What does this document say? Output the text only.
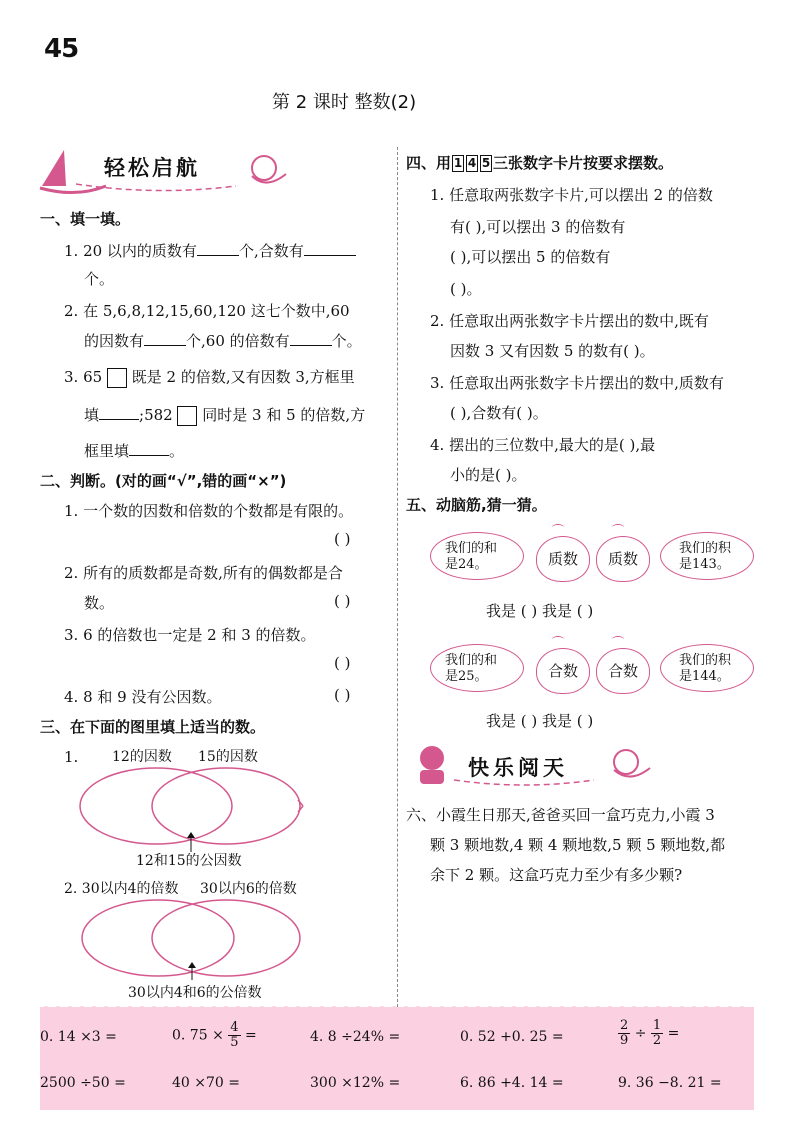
45
第 2 课时 整数(2)
轻松启航
一、填一填。
1. 20 以内的质数有	个,合数有
个。
2. 在 5,6,8,12,15,60,120 这七个数中,60
的因数有	个,60 的倍数有	个。
3. 65 既是 2 的倍数,又有因数 3,方框里
填	;582 同时是 3 和 5 的倍数,方
框里填	。
二、判断。(对的画“√”,错的画“×”)
1. 一个数的因数和倍数的个数都是有限的。
( )
2. 所有的质数都是奇数,所有的偶数都是合
数。	( )
3. 6 的倍数也一定是 2 和 3 的倍数。
( )
4. 8 和 9 没有公因数。	( )
三、在下面的图里填上适当的数。
1. 12的因数 15的因数
12和15的公因数
2. 30以内4的倍数 30以内6的倍数
30以内4和6的公倍数
四、用 1 4 5 三张数字卡片按要求摆数。
1. 任意取两张数字卡片,可以摆出 2 的倍数
有( ),可以摆出 3 的倍数有
( ),可以摆出 5 的倍数有
( )。
2. 任意取出两张数字卡片摆出的数中,既有
因数 3 又有因数 5 的数有( )。
3. 任意取出两张数字卡片摆出的数中,质数有
( ),合数有( )。
4. 摆出的三位数中,最大的是( ),最
小的是( )。
五、动脑筋,猜一猜。
我们的和
是24。	质数	质数
我们的积
是143。
我是 ( ) 我是 ( )
我们的和
是25。	合数	合数
我们的积
是144。
我是 ( ) 我是 ( )
快乐阅天
六、小霞生日那天,爸爸买回一盒巧克力,小霞 3
颗 3 颗地数,4 颗 4 颗地数,5 颗 5 颗地数,都
余下 2 颗。这盒巧克力至少有多少颗?
0. 14 ×3 =	0. $75 \times \frac{4}{5}$ =	4. 8 ÷24% =	0. 52 +0. 25 =	$\frac{2}{9} \div \frac{1}{2}$ =
2500 ÷50 =	40 ×70 =	300 ×12% =	6. 86 +4. 14 =	9. 36 −8. 21 =
